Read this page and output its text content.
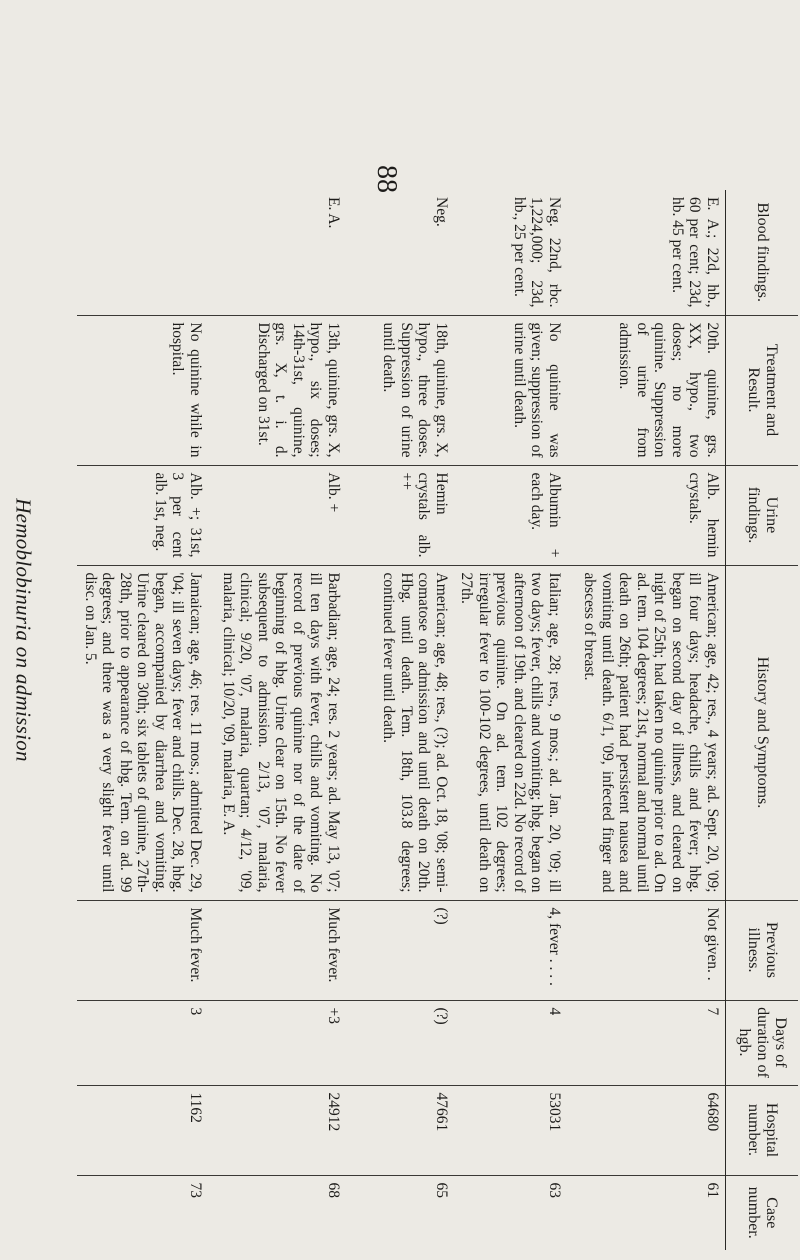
Hemoblobinuria on admission
88
Blood findings.	Treatment and Result.	Urine findings.	History and Symptoms.	Previous illness.	Days of duration of hgb.	Hospital number.	Case number.
E. A.; 22d, hb., 60 per cent; 23d, hb. 45 per cent.	20th. quinine, grs. XX, hypo., two doses; no more quinine. Suppression of urine from admission.	Alb. hemin crystals.	American; age, 42; res., 4 years; ad. Sept. 20, '09; ill four days; headache, chills and fever; hbg. began on second day of illness, and cleared on night of 25th; had taken no quinine prior to ad. On ad. tem. 104 degrees; 21st, normal and normal until death on 26th; patient had persistent nausea and vomiting until death. 6/1, '09, infected finger and abscess of breast.	Not given. .	7	64680	61
Neg. 22nd, rbc. 1,224,000; 23d, hb., 25 per cent.	No quinine was given; suppression of urine until death.	Albumin + each day.	Italian; age, 28; res., 9 mos.; ad. Jan. 20, '09; ill two days; fever, chills and vomiting; hbg. began on afternoon of 19th. and cleared on 22d. No record of previous quinine. On ad. tem. 102 degrees; irregular fever to 100-102 degrees, until death on 27th.	4, fever . . . .	4	53031	63
Neg.	18th, quinine, grs. X, hypo., three doses. Suppression of urine until death.	Hemin crystals alb. ++	American; age, 48; res., (?); ad. Oct. 18, '08; semi-comatose on admission and until death on 20th. Hbg. until death. Tem. 18th, 103.8 degrees; continued fever until death.	(?)	(?)	47661	65
E. A.	13th, quinine, grs. X, hypo., six doses; 14th-31st, quinine, grs. X, t. i. d. Discharged on 31st.	Alb. +	Barbadian; age, 24; res. 2 years; ad. May 13, '07; ill ten days with fever, chills and vomiting. No record of previous quinine nor of the date of beginning of hbg. Urine clear on 15th. No fever subsequent to admission. 2/13, '07, malaria, clinical; 9/20, '07, malaria, quartan; 4/12, '09, malaria, clinical; 10/20, '09, malaria, E. A.	Much fever.	+3	24912	68
	No quinine while in hospital.	Alb. +; 31st, 3 per cent alb. 1st, neg.	Jamaican; age, 46; res. 11 mos.; admitted Dec. 29, '04; ill seven days; fever and chills. Dec. 28, hbg. began, accompanied by diarrhea and vomiting. Urine cleared on 30th; six tablets of quinine, 27th-28th, prior to appearance of hbg. Tem. on ad. 99 degrees; and there was a very slight fever until disc. on Jan. 5.	Much fever.	3	1162	73
